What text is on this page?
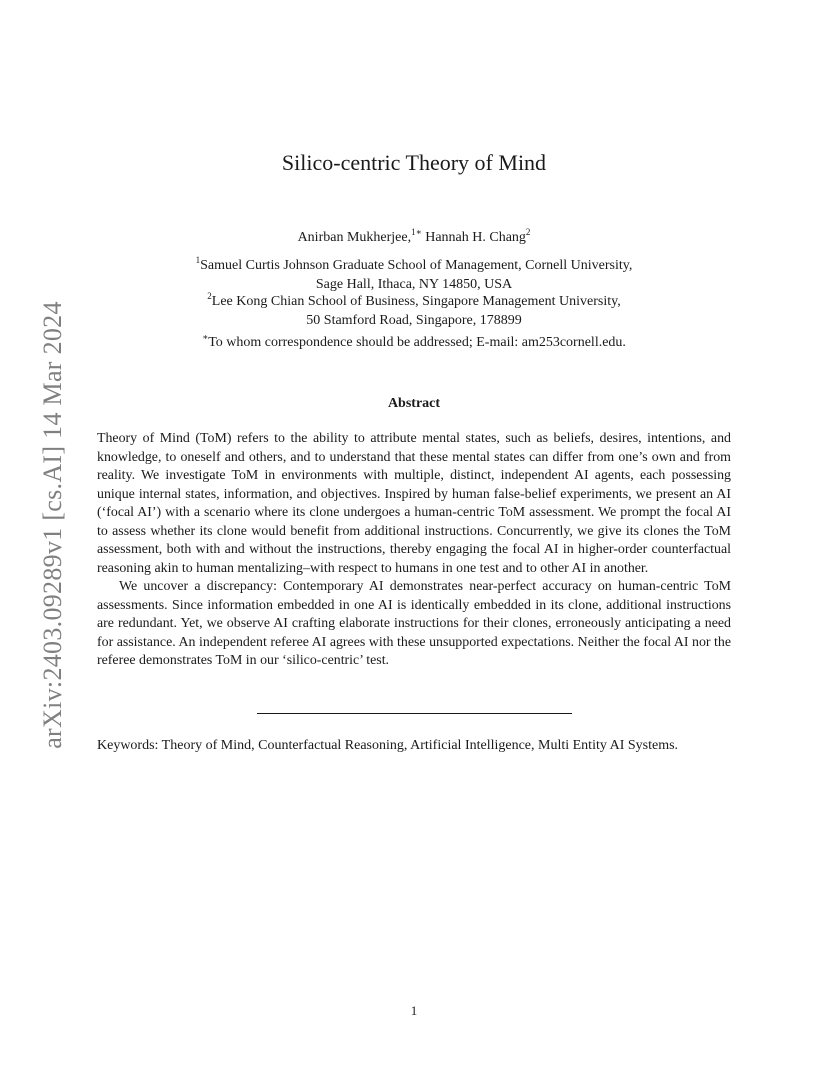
arXiv:2403.09289v1 [cs.AI] 14 Mar 2024
Silico-centric Theory of Mind
Anirban Mukherjee,$^{1∗}$ Hannah H. Chang$^2$
$^1$Samuel Curtis Johnson Graduate School of Management, Cornell University,
Sage Hall, Ithaca, NY 14850, USA
$^2$Lee Kong Chian School of Business, Singapore Management University,
50 Stamford Road, Singapore, 178899
∗To whom correspondence should be addressed; E-mail: am253cornell.edu.
Abstract

Theory of Mind (ToM) refers to the ability to attribute mental states, such as beliefs, desires, intentions, and knowledge, to oneself and others, and to understand that these mental states can differ from one’s own and from reality. We investigate ToM in environments with multiple, distinct, independent AI agents, each possessing unique internal states, information, and objectives. Inspired by human false-belief experiments, we present an AI (‘focal AI’) with a scenario where its clone undergoes a human-centric ToM assessment. We prompt the focal AI to assess whether its clone would benefit from additional instructions. Concurrently, we give its clones the ToM assessment, both with and without the instructions, thereby engaging the focal AI in higher-order counterfactual reasoning akin to human mentalizing–with respect to humans in one test and to other AI in another.

We uncover a discrepancy: Contemporary AI demonstrates near-perfect accuracy on human-centric ToM assessments. Since information embedded in one AI is identically embedded in its clone, additional instructions are redundant. Yet, we observe AI crafting elaborate instructions for their clones, erroneously anticipating a need for assistance. An independent referee AI agrees with these unsupported expectations. Neither the focal AI nor the referee demonstrates ToM in our ‘silico-centric’ test.

Keywords: Theory of Mind, Counterfactual Reasoning, Artificial Intelligence, Multi Entity AI Systems.
1
